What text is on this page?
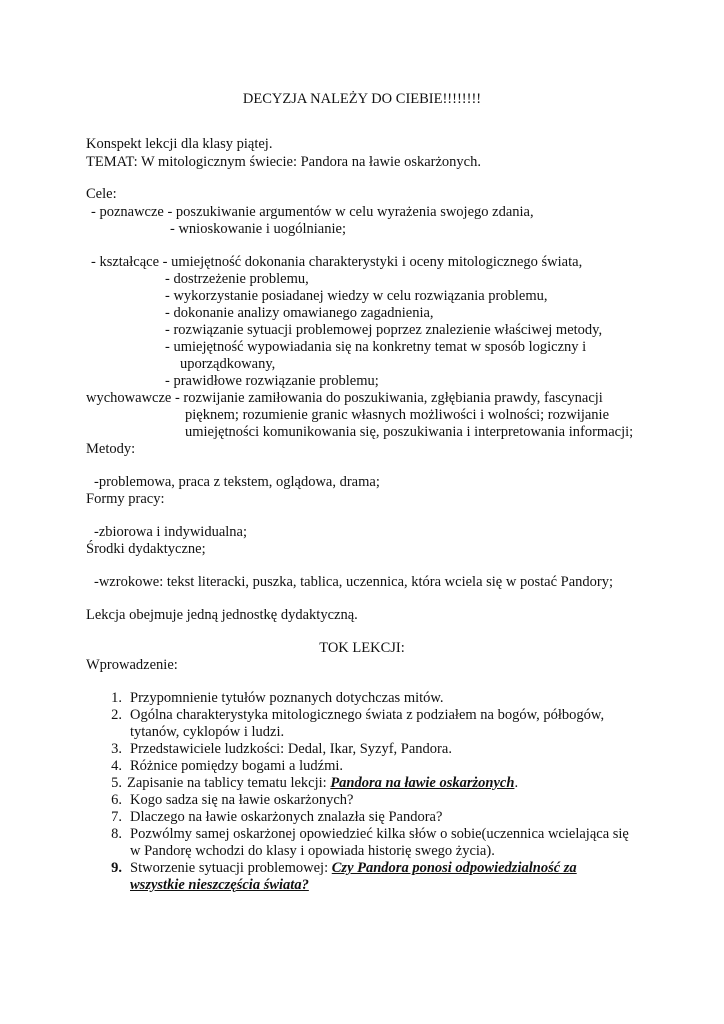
DECYZJA NALEŻY DO CIEBIE!!!!!!!!
Konspekt lekcji dla klasy piątej.
TEMAT: W mitologicznym świecie: Pandora na ławie oskarżonych.
Cele:
- poznawcze - poszukiwanie argumentów w celu wyrażenia swojego zdania,
- wnioskowanie i uogólnianie;
- kształcące - umiejętność dokonania charakterystyki i oceny mitologicznego świata,
- dostrzeżenie problemu,
- wykorzystanie posiadanej wiedzy w celu rozwiązania problemu,
- dokonanie analizy omawianego zagadnienia,
- rozwiązanie sytuacji problemowej poprzez znalezienie właściwej metody,
- umiejętność wypowiadania się na konkretny temat w sposób logiczny i
uporządkowany,
- prawidłowe rozwiązanie problemu;
wychowawcze - rozwijanie zamiłowania do poszukiwania, zgłębiania prawdy, fascynacji
pięknem; rozumienie granic własnych możliwości i wolności; rozwijanie
umiejętności komunikowania się, poszukiwania i interpretowania informacji;
Metody:
-problemowa, praca z tekstem, oglądowa, drama;
Formy pracy:
-zbiorowa i indywidualna;
Środki dydaktyczne;
-wzrokowe: tekst literacki, puszka, tablica, uczennica, która wciela się w postać Pandory;
Lekcja obejmuje jedną jednostkę dydaktyczną.
TOK LEKCJI:
Wprowadzenie:
1. Przypomnienie tytułów poznanych dotychczas mitów.
2. Ogólna charakterystyka mitologicznego świata z podziałem na bogów, półbogów,
tytanów, cyklopów i ludzi.
3. Przedstawiciele ludzkości: Dedal, Ikar, Syzyf, Pandora.
4. Różnice pomiędzy bogami a ludźmi.
5. Zapisanie na tablicy tematu lekcji: Pandora na ławie oskarżonych.
6. Kogo sadza się na ławie oskarżonych?
7. Dlaczego na ławie oskarżonych znalazła się Pandora?
8. Pozwólmy samej oskarżonej opowiedzieć kilka słów o sobie(uczennica wcielająca się
w Pandorę wchodzi do klasy i opowiada historię swego życia).
9. Stworzenie sytuacji problemowej: Czy Pandora ponosi odpowiedzialność za
wszystkie nieszczęścia świata?
